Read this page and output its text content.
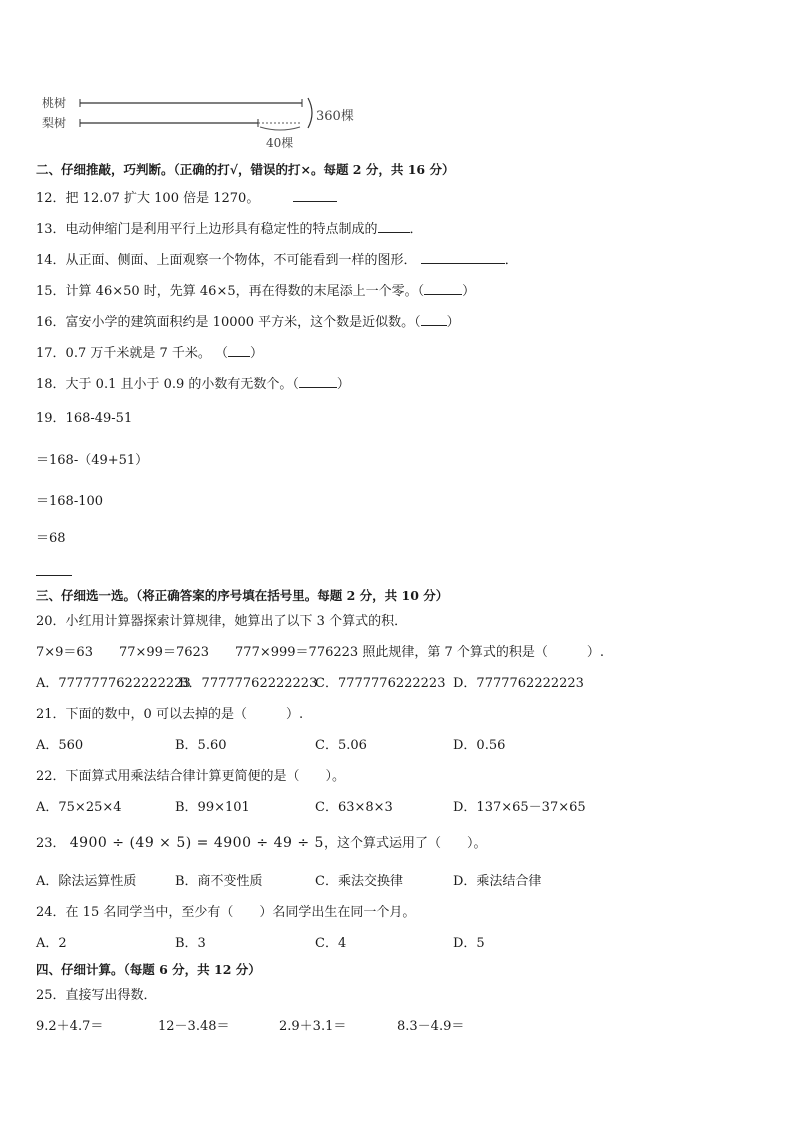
桃树
梨树	360棵
40棵
二、仔细推敲，巧判断。（正确的打√，错误的打×。每题 2 分，共 16 分）
12．把 12.07 扩大 100 倍是 1270。
13．电动伸缩门是利用平行上边形具有稳定性的特点制成的 ．
14．从正面、侧面、上面观察一个物体，不可能看到一样的图形．	．
15．计算 46×50 时，先算 46×5，再在得数的末尾添上一个零。（	）
16．富安小学的建筑面积约是 10000 平方米，这个数是近似数。（ ）
17．0.7 万千米就是 7 千米。 （ ）
18．大于 0.1 且小于 0.9 的小数有无数个。（	）
19．168-49-51
＝168-（49+51）
＝168-100
＝68
三、仔细选一选。（将正确答案的序号填在括号里。每题 2 分，共 10 分）
20．小红用计算器探索计算规律，她算出了以下 3 个算式的积．
7×9＝63　　77×99＝7623　　777×999＝776223 照此规律，第 7 个算式的积是（　　　）.
A．7777777622222223
B．77777762222223
C．7777776222223 D．7777762222223
21．下面的数中，0 可以去掉的是（　　　）.
A．560	B．5.60	C．5.06	D．0.56
22．下面算式用乘法结合律计算更简便的是（　　）。
A．75×25×4	B．99×101	C．63×8×3	D．137×65－37×65
23． 4900 ÷ (49 × 5) = 4900 ÷ 49 ÷ 5，这个算式运用了（　　）。
A．除法运算性质	B．商不变性质	C．乘法交换律	D．乘法结合律
24．在 15 名同学当中，至少有（　　）名同学出生在同一个月。
A．2	B．3	C．4	D．5
四、仔细计算。（每题 6 分，共 12 分）
25．直接写出得数．
9.2＋4.7＝	12－3.48＝	2.9＋3.1＝	8.3－4.9＝
